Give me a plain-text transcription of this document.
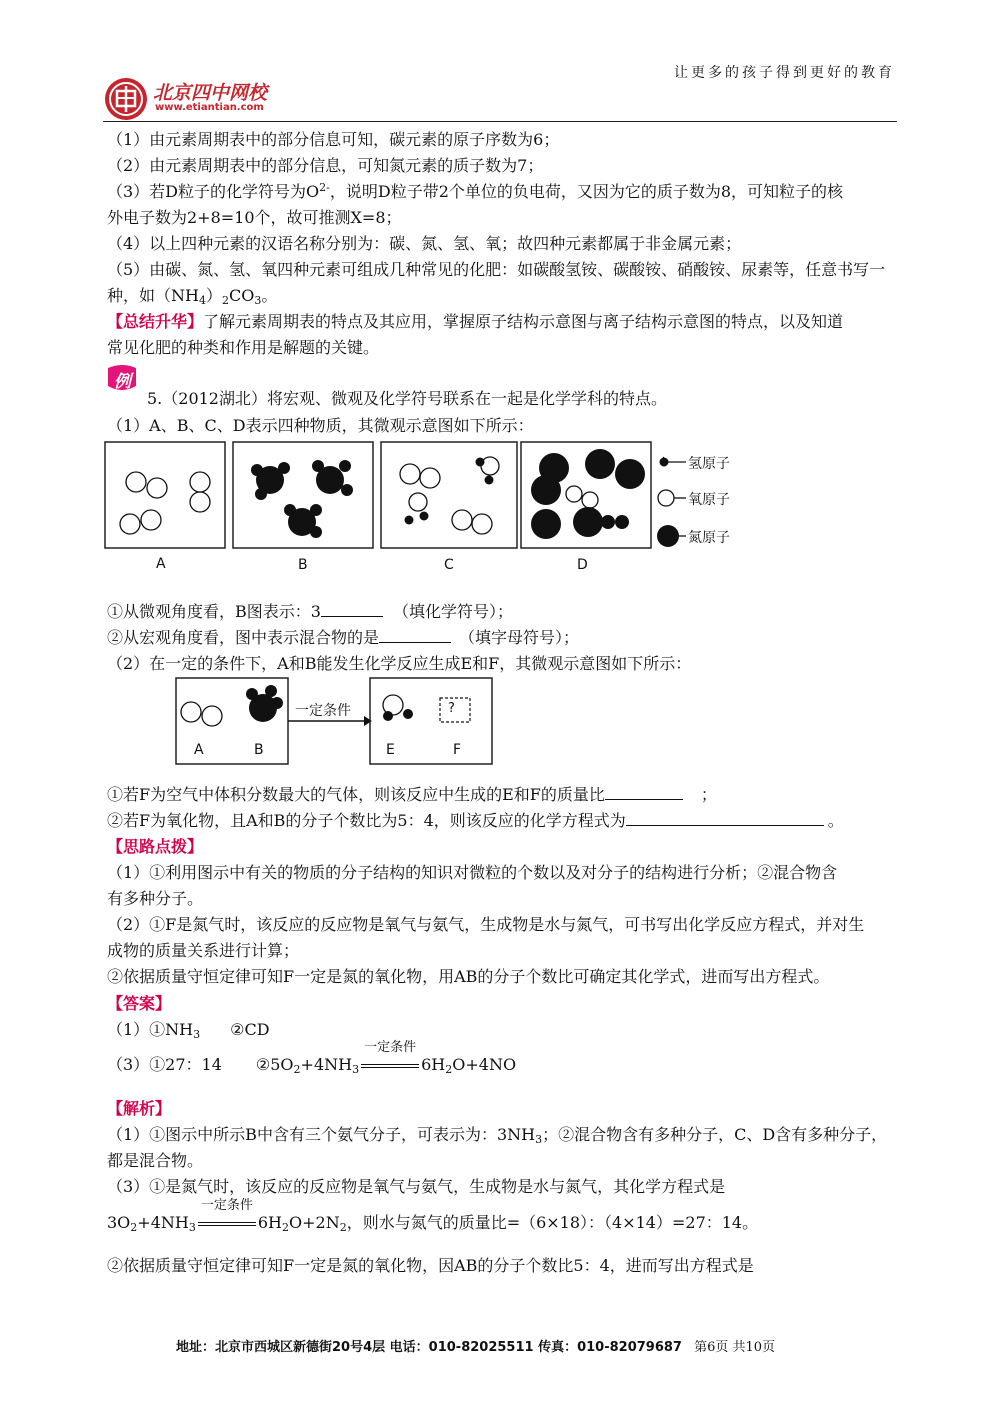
让更多的孩子得到更好的教育
北京四中网校
www.etiantian.com
（1）由元素周期表中的部分信息可知，碳元素的原子序数为6；
（2）由元素周期表中的部分信息，可知氮元素的质子数为7；
（3）若D粒子的化学符号为$O^{2-}$，说明D粒子带2个单位的负电荷，又因为它的质子数为8，可知粒子的核
外电子数为2+8=10个，故可推测X=8；
（4）以上四种元素的汉语名称分别为：碳、氮、氢、氧；故四种元素都属于非金属元素；
（5）由碳、氮、氢、氧四种元素可组成几种常见的化肥：如碳酸氢铵、碳酸铵、硝酸铵、尿素等，任意书写一
种，如$(NH_4)_2CO_3$。
【总结升华】了解元素周期表的特点及其应用，掌握原子结构示意图与离子结构示意图的特点，以及知道
常见化肥的种类和作用是解题的关键。
例
5.（2012湖北）将宏观、微观及化学符号联系在一起是化学学科的特点。
（1）A、B、C、D表示四种物质，其微观示意图如下所示：
氢原子
氧原子
氮原子
A	B	C	D
①从微观角度看，B图表示：3	（填化学符号）；
②从宏观角度看，图中表示混合物的是	（填字母符号）；
（2）在一定的条件下，A和B能发生化学反应生成E和F，其微观示意图如下所示：
一定条件	?
A	B	E	F
①若F为空气中体积分数最大的气体，则该反应中生成的E和F的质量比	；
②若F为氧化物，且A和B的分子个数比为5：4，则该反应的化学方程式为	。
【思路点拨】
（1）①利用图示中有关的物质的分子结构的知识对微粒的个数以及对分子的结构进行分析；②混合物含
有多种分子。
（2）①F是氮气时，该反应的反应物是氧气与氨气，生成物是水与氮气，可书写出化学反应方程式，并对生
成物的质量关系进行计算；
②依据质量守恒定律可知F一定是氮的氧化物，用AB的分子个数比可确定其化学式，进而写出方程式。
【答案】
$(1)①NH_3$ ②CD
（3）①27：14 $②5O_2+4NH_3$
一定条件
$6H_2O+4NO$
【解析】
（1）①图示中所示B中含有三个氨气分子，可表示为：$3NH_3$；②混合物含有多种分子，C、D含有多种分子，
都是混合物。
（3）①是氮气时，该反应的反应物是氧气与氨气，生成物是水与氮气，其化学方程式是
$3O_2+4NH_3$
一定条件
$6H_2O+2N_2$，则水与氮气的质量比=（6×18）：（4×14）=27：14。
②依据质量守恒定律可知F一定是氮的氧化物，因AB的分子个数比5：4，进而写出方程式是
地址：北京市西城区新德街20号4层 电话：010-82025511 传真：010-82079687 第6页 共10页
